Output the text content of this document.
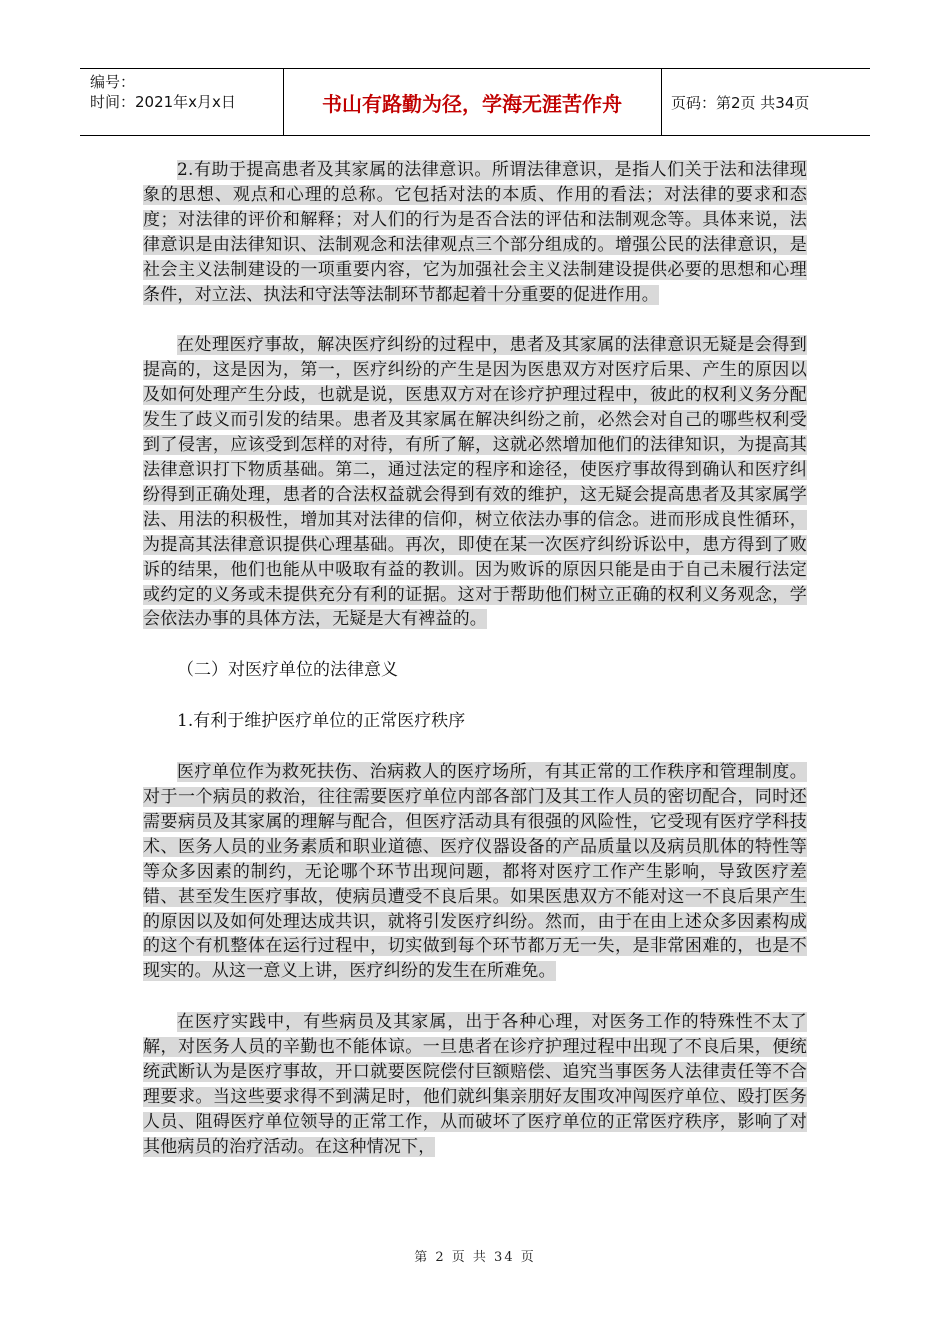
编号：
时间：2021年x月x日	书山有路勤为径，学海无涯苦作舟	页码：第2页 共34页

2.有助于提高患者及其家属的法律意识。所谓法律意识，是指人们关于法和法律现象的思想、观点和心理的总称。它包括对法的本质、作用的看法；对法律的要求和态度；对法律的评价和解释；对人们的行为是否合法的评估和法制观念等。具体来说，法律意识是由法律知识、法制观念和法律观点三个部分组成的。增强公民的法律意识，是社会主义法制建设的一项重要内容，它为加强社会主义法制建设提供必要的思想和心理条件，对立法、执法和守法等法制环节都起着十分重要的促进作用。

在处理医疗事故，解决医疗纠纷的过程中，患者及其家属的法律意识无疑是会得到提高的，这是因为，第一，医疗纠纷的产生是因为医患双方对医疗后果、产生的原因以及如何处理产生分歧，也就是说，医患双方对在诊疗护理过程中，彼此的权利义务分配发生了歧义而引发的结果。患者及其家属在解决纠纷之前，必然会对自己的哪些权利受到了侵害，应该受到怎样的对待，有所了解，这就必然增加他们的法律知识，为提高其法律意识打下物质基础。第二，通过法定的程序和途径，使医疗事故得到确认和医疗纠纷得到正确处理，患者的合法权益就会得到有效的维护，这无疑会提高患者及其家属学法、用法的积极性，增加其对法律的信仰，树立依法办事的信念。进而形成良性循环，为提高其法律意识提供心理基础。再次，即使在某一次医疗纠纷诉讼中，患方得到了败诉的结果，他们也能从中吸取有益的教训。因为败诉的原因只能是由于自己未履行法定或约定的义务或未提供充分有利的证据。这对于帮助他们树立正确的权利义务观念，学会依法办事的具体方法，无疑是大有裨益的。

（二）对医疗单位的法律意义

1.有利于维护医疗单位的正常医疗秩序

医疗单位作为救死扶伤、治病救人的医疗场所，有其正常的工作秩序和管理制度。对于一个病员的救治，往往需要医疗单位内部各部门及其工作人员的密切配合，同时还需要病员及其家属的理解与配合，但医疗活动具有很强的风险性，它受现有医疗学科技术、医务人员的业务素质和职业道德、医疗仪器设备的产品质量以及病员肌体的特性等等众多因素的制约，无论哪个环节出现问题，都将对医疗工作产生影响，导致医疗差错、甚至发生医疗事故，使病员遭受不良后果。如果医患双方不能对这一不良后果产生的原因以及如何处理达成共识，就将引发医疗纠纷。然而，由于在由上述众多因素构成的这个有机整体在运行过程中，切实做到每个环节都万无一失，是非常困难的，也是不现实的。从这一意义上讲，医疗纠纷的发生在所难免。

在医疗实践中，有些病员及其家属，出于各种心理，对医务工作的特殊性不太了解，对医务人员的辛勤也不能体谅。一旦患者在诊疗护理过程中出现了不良后果，便统统武断认为是医疗事故，开口就要医院偿付巨额赔偿、追究当事医务人法律责任等不合理要求。当这些要求得不到满足时，他们就纠集亲朋好友围攻冲闯医疗单位、殴打医务人员、阻碍医疗单位领导的正常工作，从而破坏了医疗单位的正常医疗秩序，影响了对其他病员的治疗活动。在这种情况下，

第 2 页 共 34 页
